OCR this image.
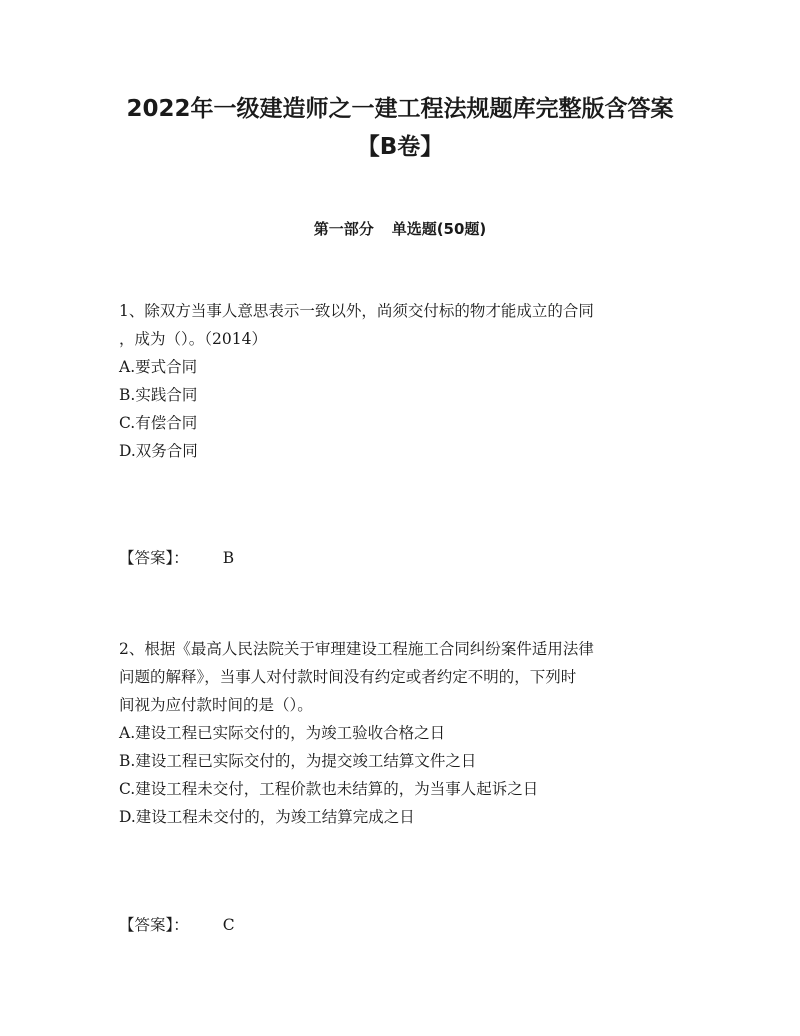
2022年一级建造师之一建工程法规题库完整版含答案
【B卷】
第一部分 单选题(50题)
1、除双方当事人意思表示一致以外，尚须交付标的物才能成立的合同
，成为（）。（2014）
A.要式合同
B.实践合同
C.有偿合同
D.双务合同
【答案】： B
2、根据《最高人民法院关于审理建设工程施工合同纠纷案件适用法律
问题的解释》，当事人对付款时间没有约定或者约定不明的，下列时
间视为应付款时间的是（）。
A.建设工程已实际交付的，为竣工验收合格之日
B.建设工程已实际交付的，为提交竣工结算文件之日
C.建设工程未交付，工程价款也未结算的，为当事人起诉之日
D.建设工程未交付的，为竣工结算完成之日
【答案】： C
